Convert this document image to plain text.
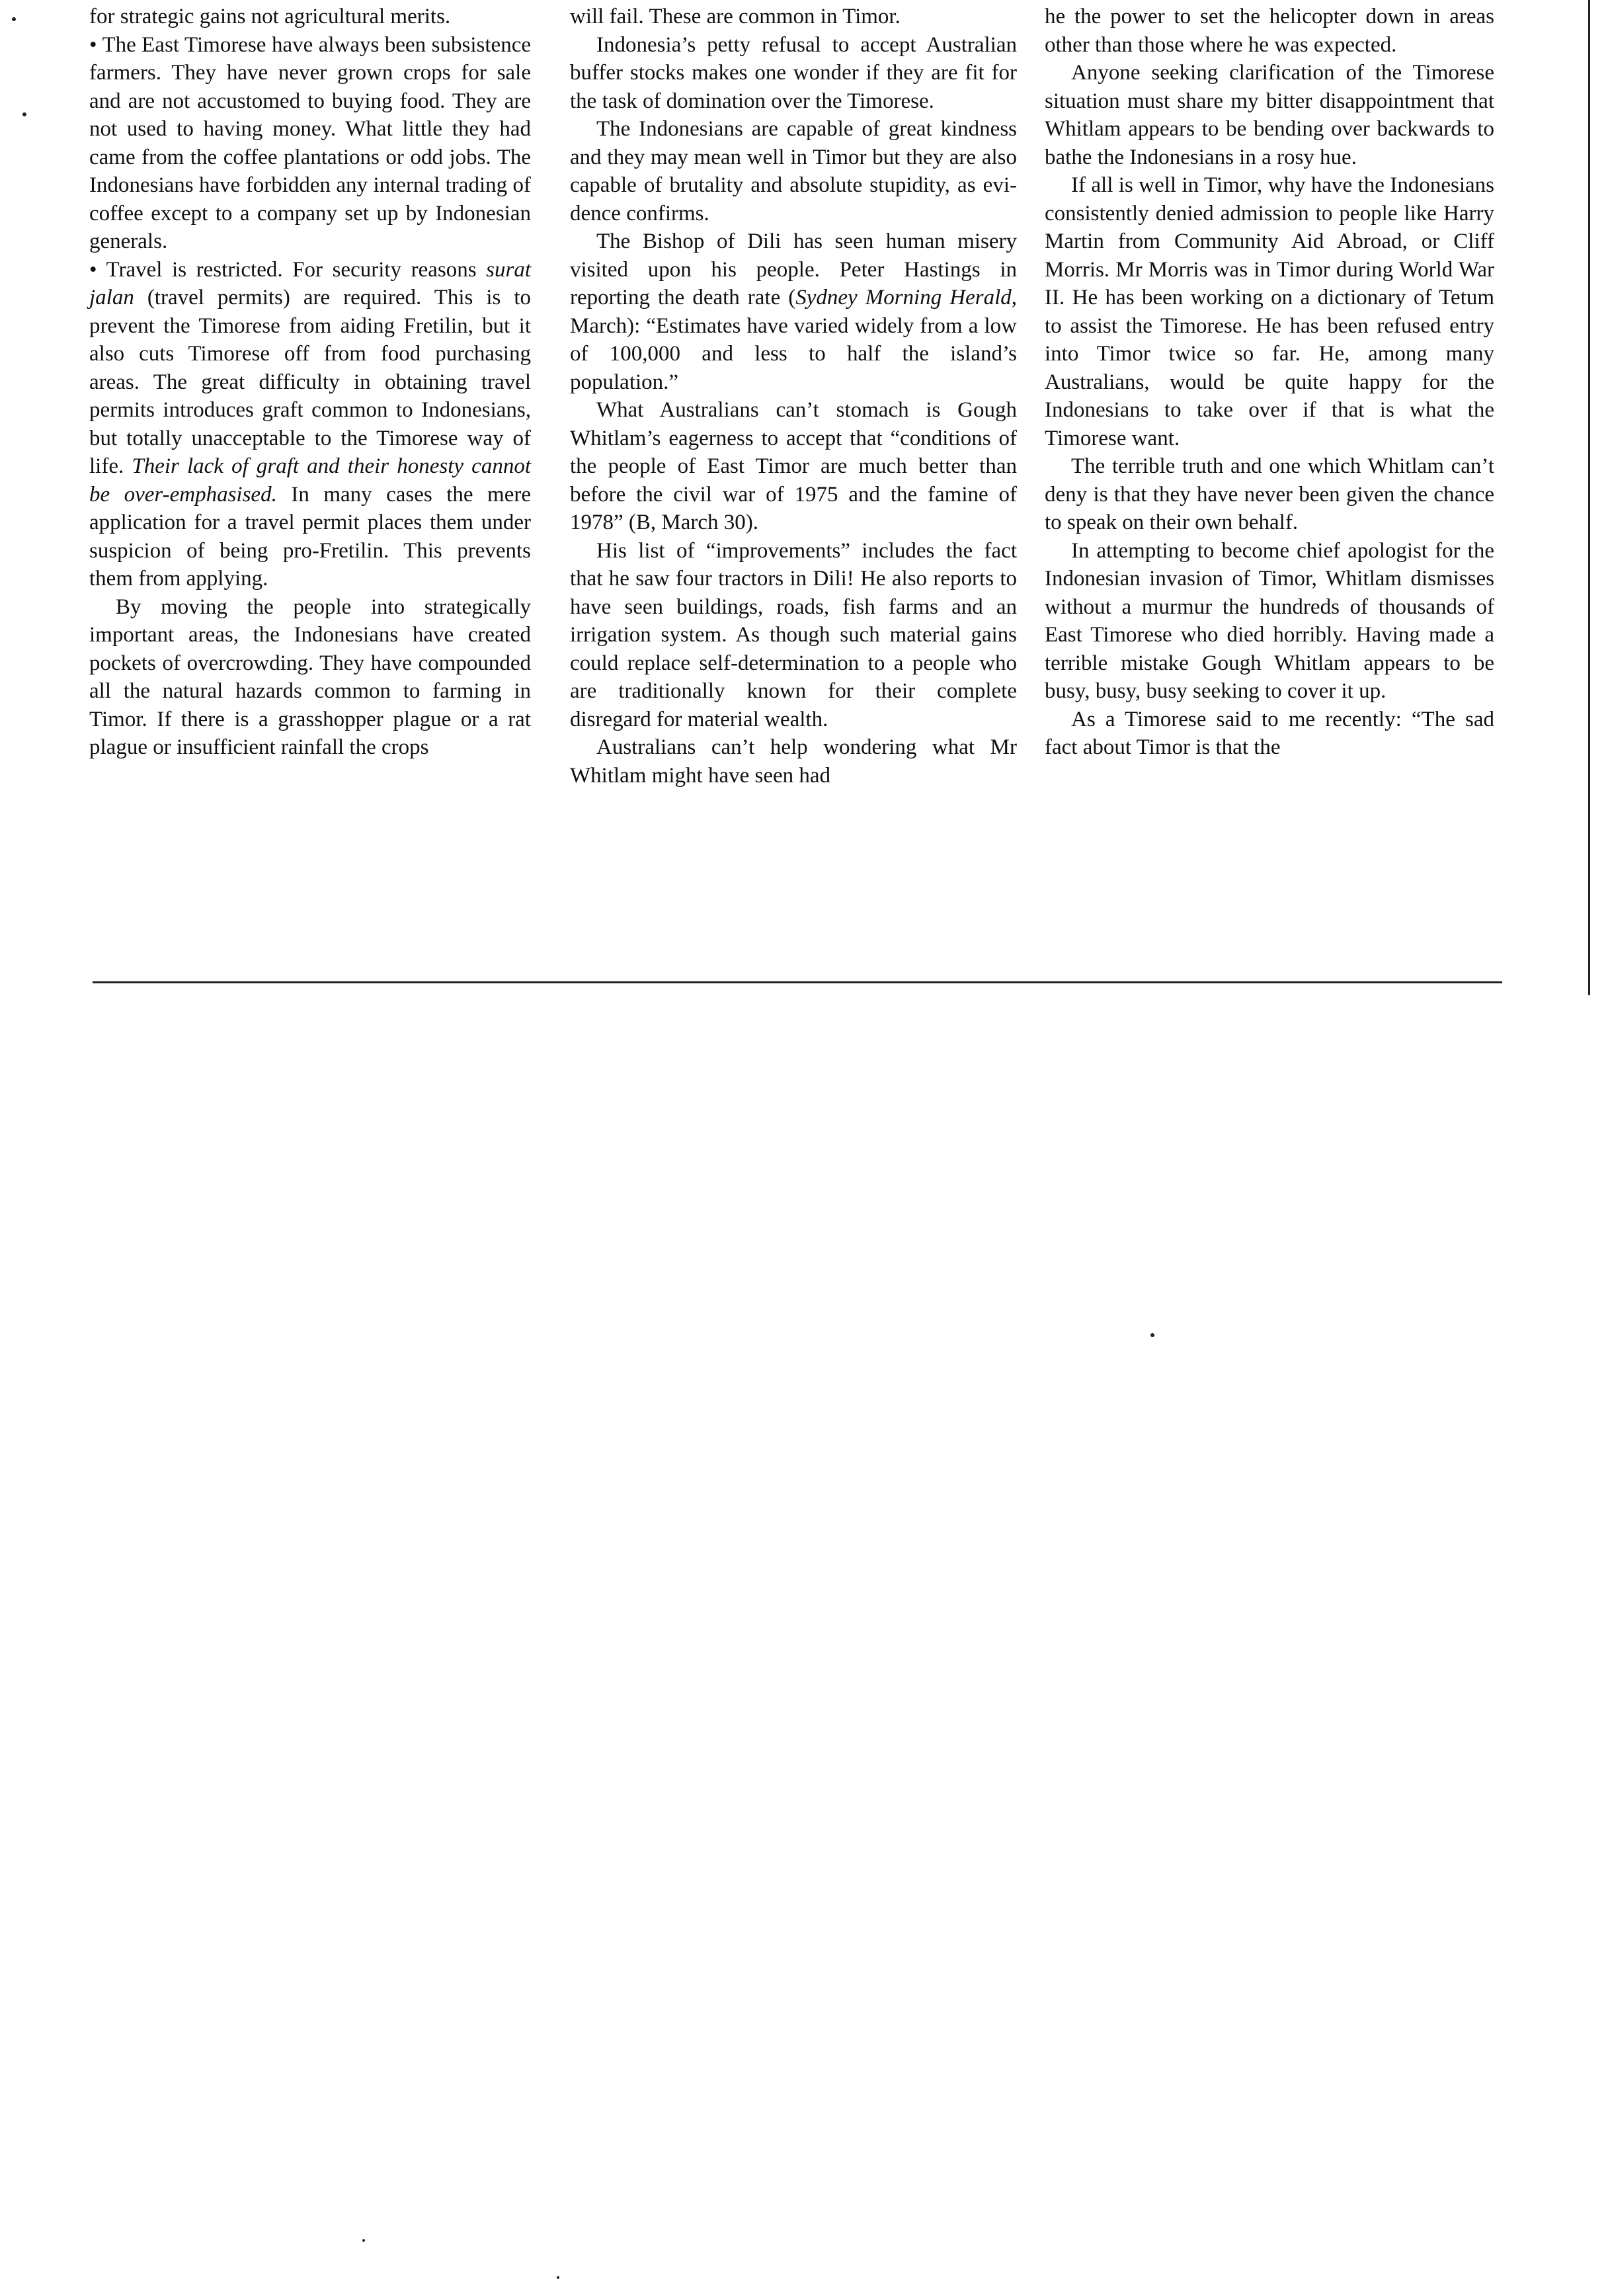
for strategic gains not agricultural merits.

• The East Timorese have always been subsistence farmers. They have never grown crops for sale and are not accustomed to buying food. They are not used to having money. What little they had came from the coffee plantations or odd jobs. The Indonesians have forbidden any internal trading of coffee except to a company set up by Indonesian generals.

• Travel is restricted. For security reasons surat jalan (travel permits) are required. This is to prevent the Timorese from aiding Fretilin, but it also cuts Timorese off from food purchasing areas. The great difficulty in obtaining travel permits introduces graft common to Indonesians, but totally unacceptable to the Timorese way of life. Their lack of graft and their honesty cannot be over-emphasised. In many cases the mere application for a travel permit places them under suspicion of being pro-Fretilin. This prevents them from applying.

By moving the people into strategically important areas, the Indonesians have created pockets of overcrowding. They have compounded all the natural hazards common to farming in Timor. If there is a grasshopper plague or a rat plague or insufficient rainfall the crops

will fail. These are common in Timor.

Indonesia’s petty refusal to accept Australian buffer stocks makes one wonder if they are fit for the task of domination over the Timorese.

The Indonesians are capable of great kindness and they may mean well in Timor but they are also capable of brutality and absolute stupidity, as evidence confirms.

The Bishop of Dili has seen human misery visited upon his people. Peter Hastings in reporting the death rate (Sydney Morning Herald, March): “Estimates have varied widely from a low of 100,000 and less to half the island’s population.”

What Australians can’t stomach is Gough Whitlam’s eagerness to accept that “conditions of the people of East Timor are much better than before the civil war of 1975 and the famine of 1978” (B, March 30).

His list of “improvements” includes the fact that he saw four tractors in Dili! He also reports to have seen buildings, roads, fish farms and an irrigation system. As though such material gains could replace self-determination to a people who are traditionally known for their complete disregard for material wealth.

Australians can’t help wondering what Mr Whitlam might have seen had

he the power to set the helicopter down in areas other than those where he was expected.

Anyone seeking clarification of the Timorese situation must share my bitter disappointment that Whitlam appears to be bending over backwards to bathe the Indonesians in a rosy hue.

If all is well in Timor, why have the Indonesians consistently denied admission to people like Harry Martin from Community Aid Abroad, or Cliff Morris. Mr Morris was in Timor during World War II. He has been working on a dictionary of Tetum to assist the Timorese. He has been refused entry into Timor twice so far. He, among many Australians, would be quite happy for the Indonesians to take over if that is what the Timorese want.

The terrible truth and one which Whitlam can’t deny is that they have never been given the chance to speak on their own behalf.

In attempting to become chief apologist for the Indonesian invasion of Timor, Whitlam dismisses without a murmur the hundreds of thousands of East Timorese who died horribly. Having made a terrible mistake Gough Whitlam appears to be busy, busy, busy seeking to cover it up.

As a Timorese said to me recently: “The sad fact about Timor is that the
